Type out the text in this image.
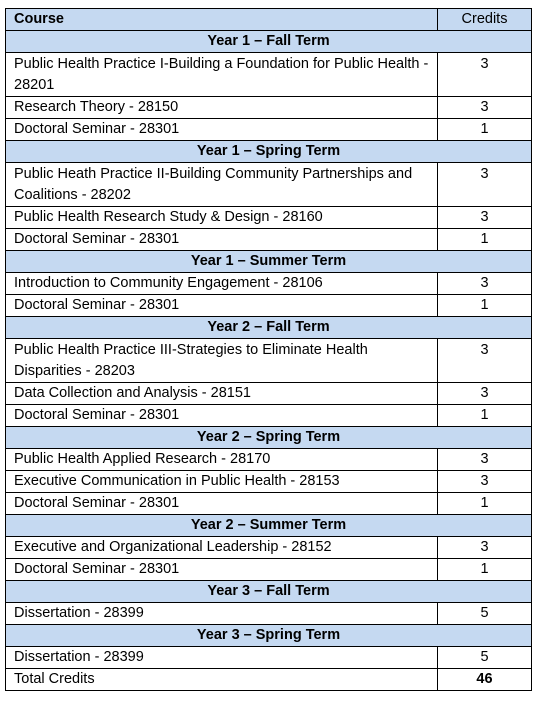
Course	Credits
Year 1 – Fall Term	
Public Health Practice I-Building a Foundation for Public Health - 28201	3
Research Theory - 28150	3
Doctoral Seminar - 28301	1
Year 1 – Spring Term	
Public Heath Practice II-Building Community Partnerships and Coalitions - 28202	3
Public Health Research Study & Design - 28160	3
Doctoral Seminar - 28301	1
Year 1 – Summer Term	
Introduction to Community Engagement - 28106	3
Doctoral Seminar - 28301	1
Year 2 – Fall Term	
Public Health Practice III-Strategies to Eliminate Health Disparities - 28203	3
Data Collection and Analysis - 28151	3
Doctoral Seminar - 28301	1
Year 2 – Spring Term	
Public Health Applied Research - 28170	3
Executive Communication in Public Health - 28153	3
Doctoral Seminar - 28301	1
Year 2 – Summer Term	
Executive and Organizational Leadership - 28152	3
Doctoral Seminar - 28301	1
Year 3 – Fall Term	
Dissertation - 28399	5
Year 3 – Spring Term	
Dissertation - 28399	5
Total Credits	46
